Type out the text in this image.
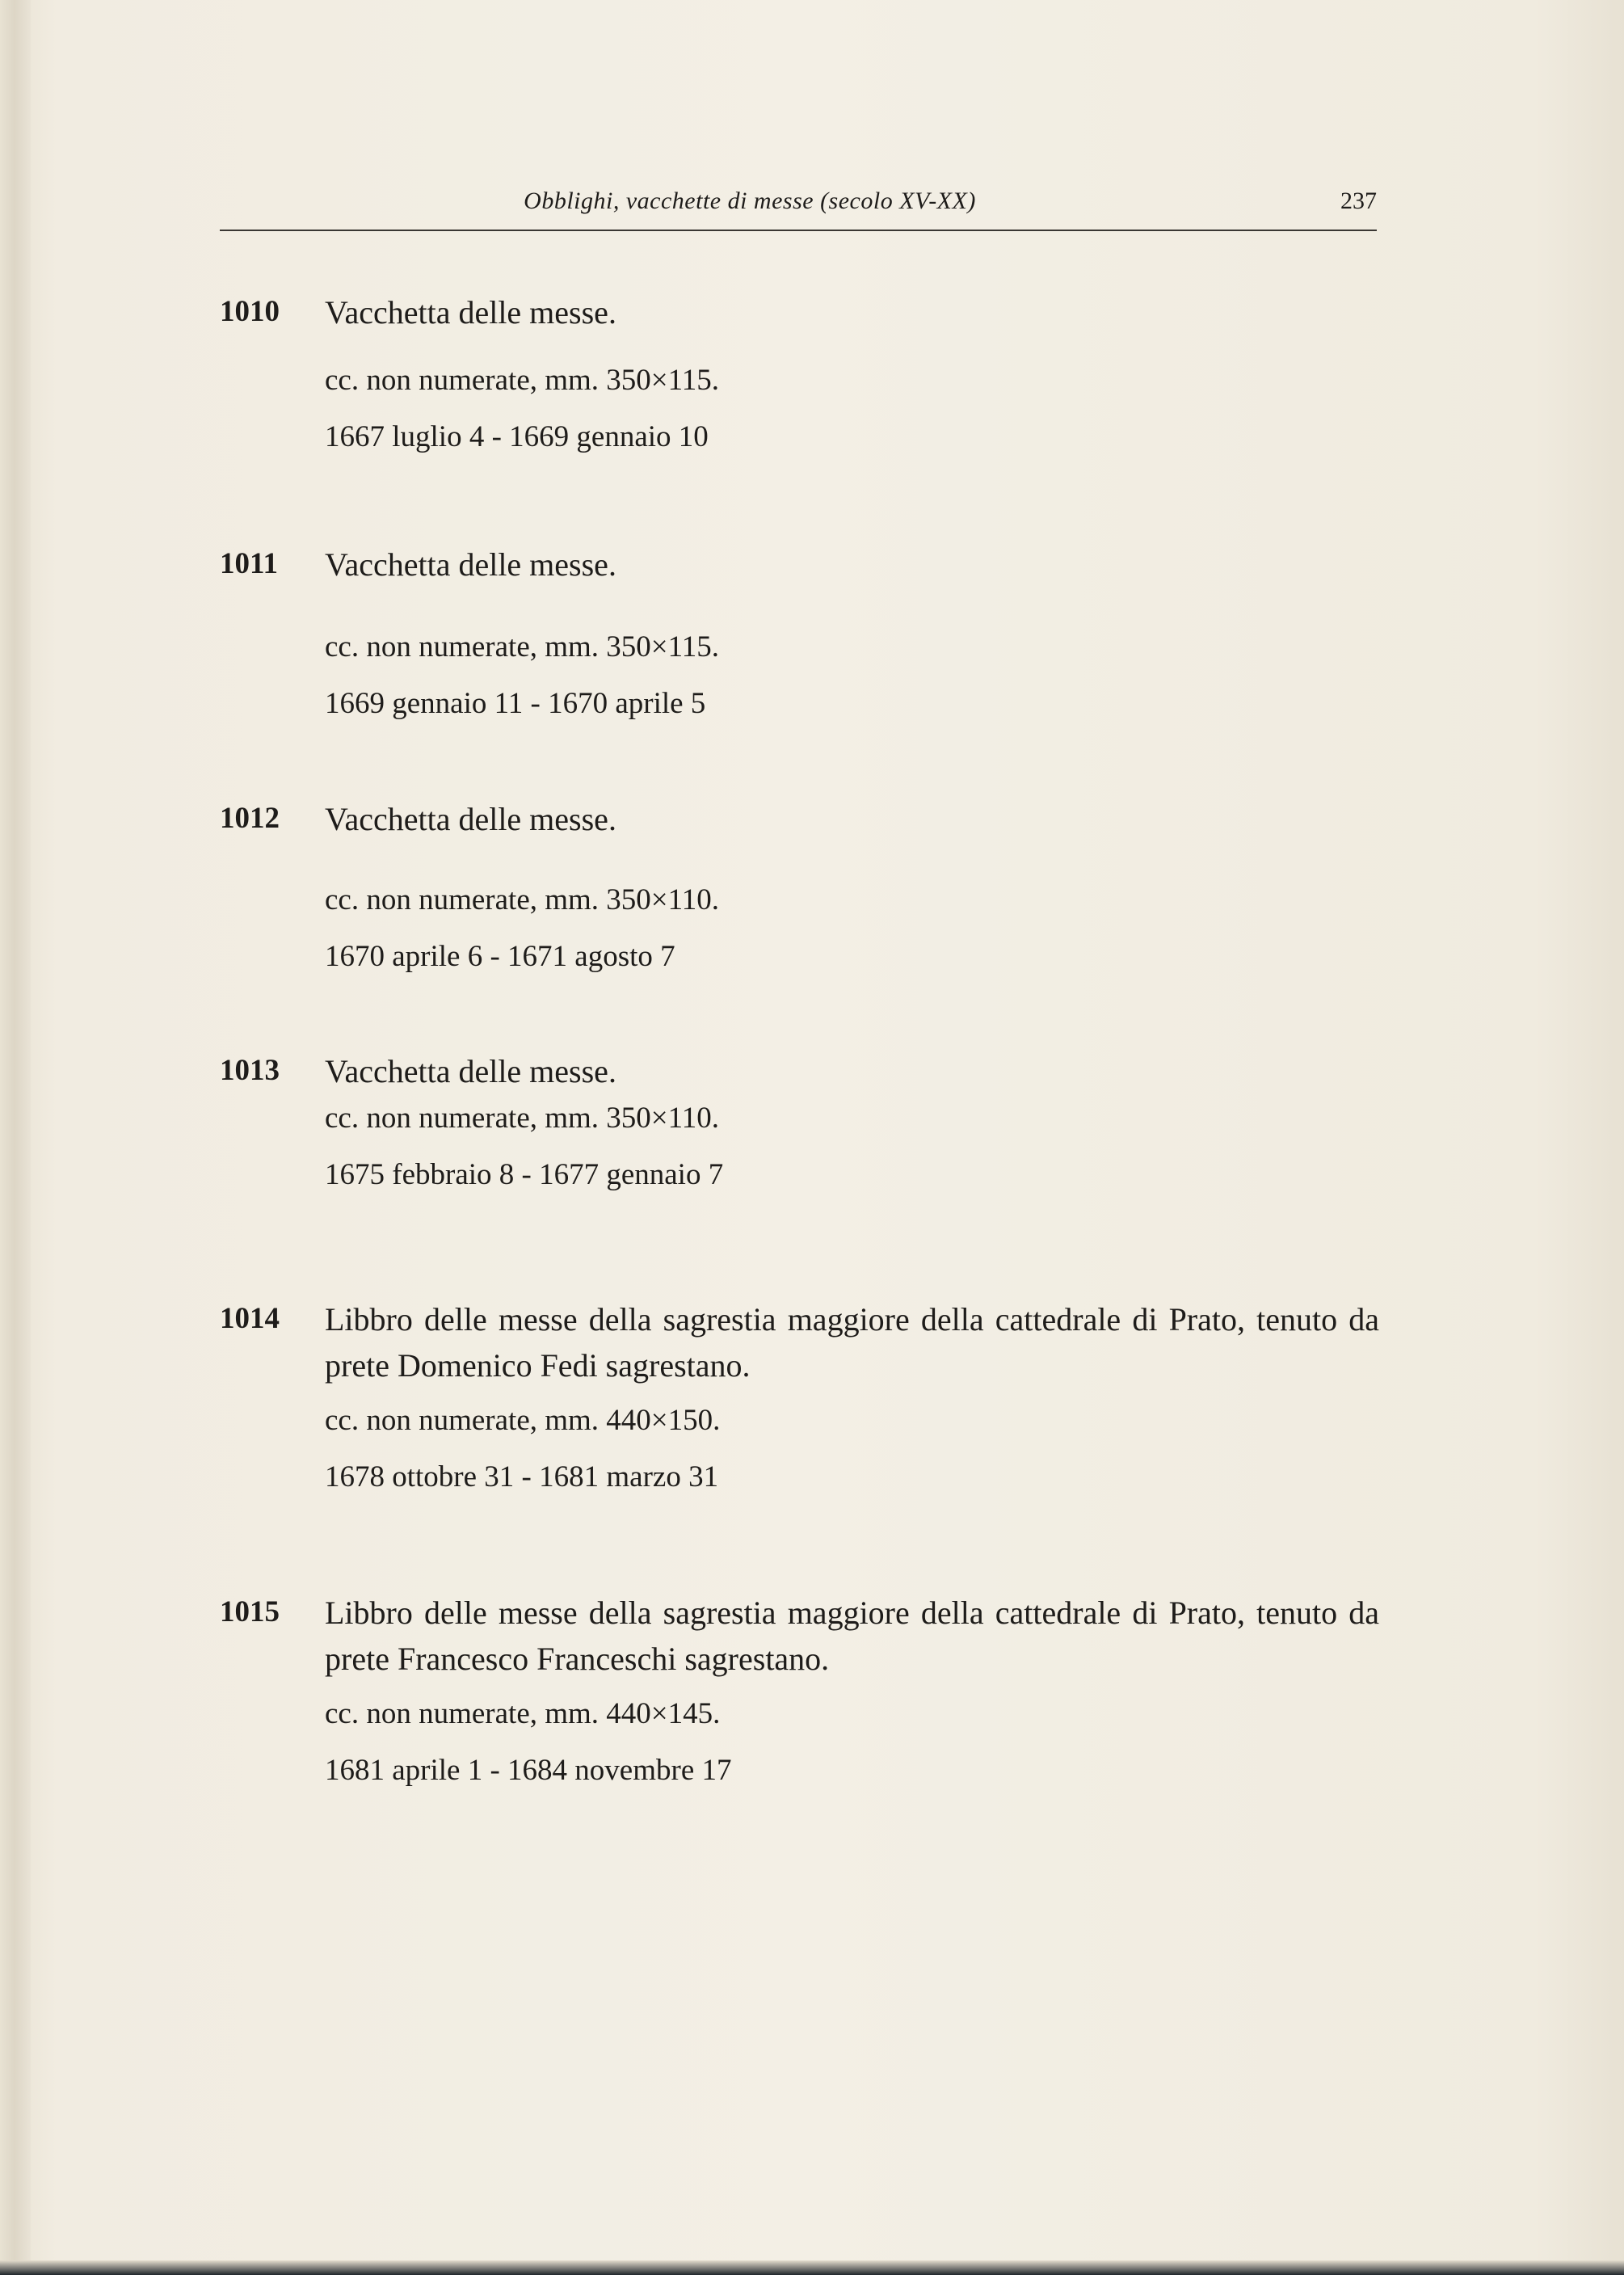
Obblighi, vacchette di messe (secolo XV-XX)	237
1010 Vacchetta delle messe.

cc. non numerate, mm. 350×115.

1667 luglio 4 - 1669 gennaio 10

1011 Vacchetta delle messe.

cc. non numerate, mm. 350×115.

1669 gennaio 11 - 1670 aprile 5

1012 Vacchetta delle messe.

cc. non numerate, mm. 350×110.

1670 aprile 6 - 1671 agosto 7

1013 Vacchetta delle messe.

cc. non numerate, mm. 350×110.

1675 febbraio 8 - 1677 gennaio 7

1014 Libbro delle messe della sagrestia maggiore della cattedrale di Prato, tenuto da prete Domenico Fedi sagrestano.

cc. non numerate, mm. 440×150.

1678 ottobre 31 - 1681 marzo 31

1015 Libbro delle messe della sagrestia maggiore della cattedrale di Prato, tenuto da prete Francesco Franceschi sagrestano.

cc. non numerate, mm. 440×145.

1681 aprile 1 - 1684 novembre 17
